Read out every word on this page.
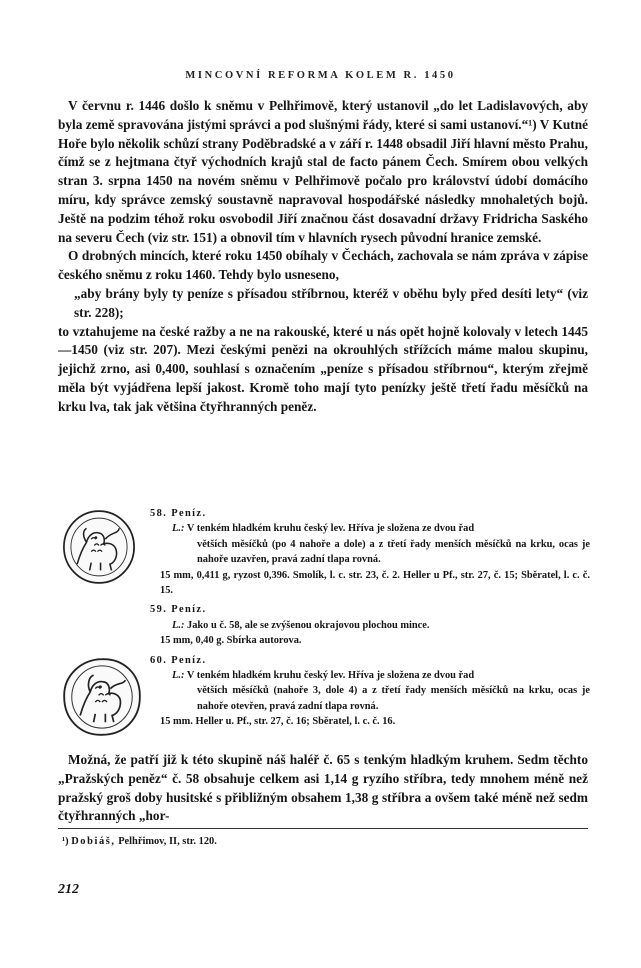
MINCOVNÍ REFORMA KOLEM R. 1450

V červnu r. 1446 došlo k sněmu v Pelhřimově, který ustanovil „do let Ladislavových, aby byla země spravována jistými správci a pod slušnými řády, které si sami ustanoví.“¹) V Kutné Hoře bylo několik schůzí strany Poděbradské a v září r. 1448 obsadil Jiří hlavní město Prahu, čímž se z hejtmana čtyř východních krajů stal de facto pánem Čech. Smírem obou velkých stran 3. srpna 1450 na novém sněmu v Pelhřimově počalo pro království údobí domácího míru, kdy správce zemský soustavně napravoval hospodářské následky mnohaletých bojů. Ještě na podzim téhož roku osvobodil Jiří značnou část dosavadní državy Fridricha Saského na severu Čech (viz str. 151) a obnovil tím v hlavních rysech původní hranice zemské.

O drobných mincích, které roku 1450 obíhaly v Čechách, zachovala se nám zpráva v zápise českého sněmu z roku 1460. Tehdy bylo usneseno,

„aby brány byly ty peníze s přísadou stříbrnou, kteréž v oběhu byly před desíti lety“ (viz str. 228);

to vztahujeme na české ražby a ne na rakouské, které u nás opět hojně kolovaly v letech 1445—1450 (viz str. 207). Mezi českými penězi na okrouhlých střížcích máme malou skupinu, jejichž zrno, asi 0,400, souhlasí s označením „peníze s přísadou stříbrnou“, kterým zřejmě měla být vyjádřena lepší jakost. Kromě toho mají tyto penízky ještě třetí řadu měsíčků na krku lva, tak jak většina čtyřhranných peněz.

58. Peníz.
L.: V tenkém hladkém kruhu český lev. Hříva je složena ze dvou řad
větších měsíčků (po 4 nahoře a dole) a z třetí řady menších měsíčků na krku, ocas je nahoře uzavřen, pravá zadní tlapa rovná.
15 mm, 0,411 g, ryzost 0,396. Smolík, l. c. str. 23, č. 2. Heller u Pf., str. 27, č. 15; Sběratel, l. c. č. 15.
59. Peníz.
L.: Jako u č. 58, ale se zvýšenou okrajovou plochou mince.
15 mm, 0,40 g. Sbírka autorova.
60. Peníz.
L.: V tenkém hladkém kruhu český lev. Hříva je složena ze dvou řad
větších měsíčků (nahoře 3, dole 4) a z třetí řady menších měsíčků na krku, ocas je nahoře otevřen, pravá zadní tlapa rovná.
15 mm. Heller u. Pf., str. 27, č. 16; Sběratel, l. c. č. 16.

Možná, že patří již k této skupině náš haléř č. 65 s tenkým hladkým kruhem. Sedm těchto „Pražských peněz“ č. 58 obsahuje celkem asi 1,14 g ryzího stříbra, tedy mnohem méně než pražský groš doby husitské s přibližným obsahem 1,38 g stříbra a ovšem také méně než sedm čtyřhranných „hor-

¹) Dobiáš, Pelhřimov, II, str. 120.
212
